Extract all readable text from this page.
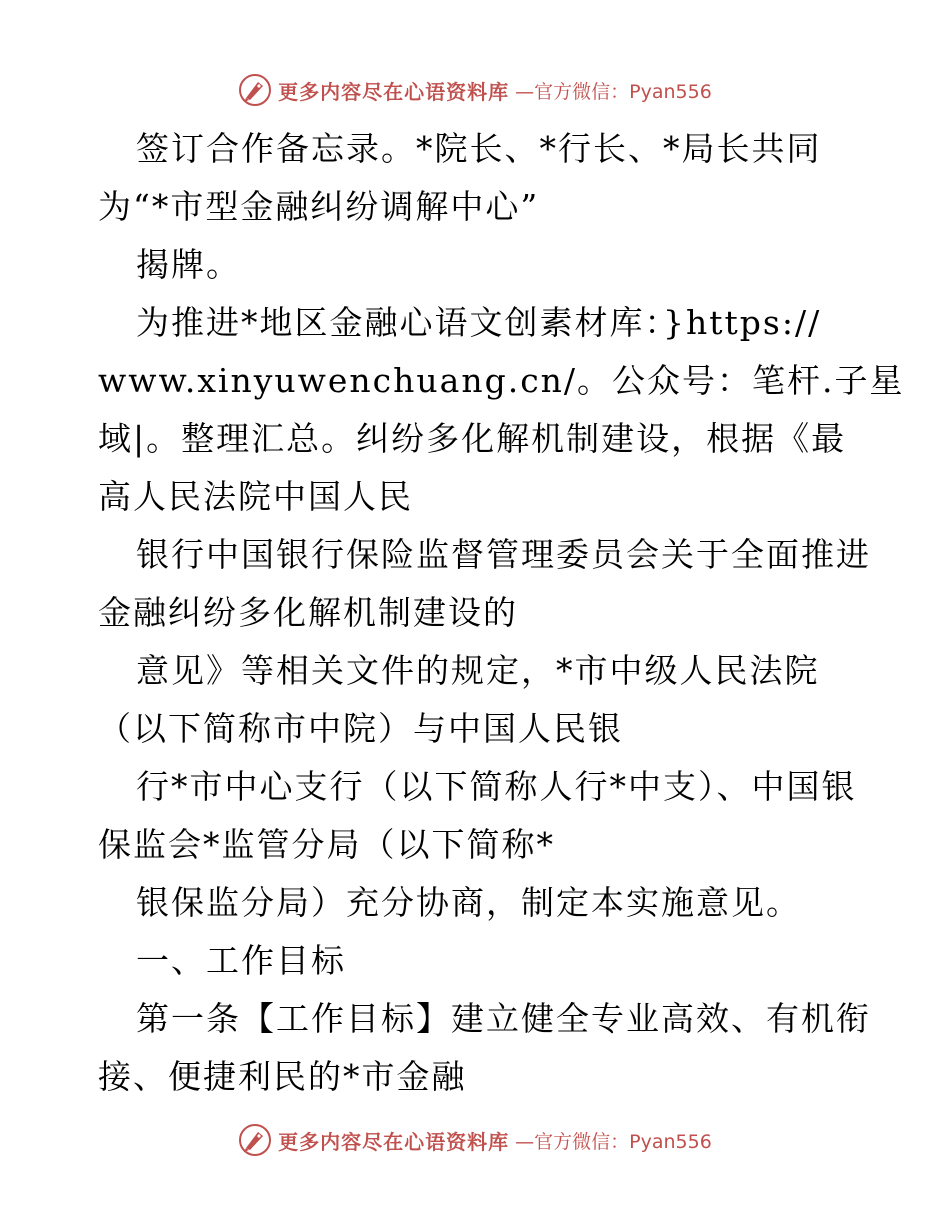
更多内容尽在心语资料库 —官方微信：Pyan556
签订合作备忘录。*院长、*行长、*局长共同
为“*市型金融纠纷调解中心”
揭牌。
为推进*地区金融心语文创素材库：}https://
www.xinyuwenchuang.cn/。公众号：笔杆.子星
域|。整理汇总。纠纷多化解机制建设，根据《最
高人民法院中国人民
银行中国银行保险监督管理委员会关于全面推进
金融纠纷多化解机制建设的
意见》等相关文件的规定，*市中级人民法院
（以下简称市中院）与中国人民银
行*市中心支行（以下简称人行*中支）、中国银
保监会*监管分局（以下简称*
银保监分局）充分协商，制定本实施意见。
一、工作目标
第一条【工作目标】建立健全专业高效、有机衔
接、便捷利民的*市金融
更多内容尽在心语资料库 —官方微信：Pyan556
